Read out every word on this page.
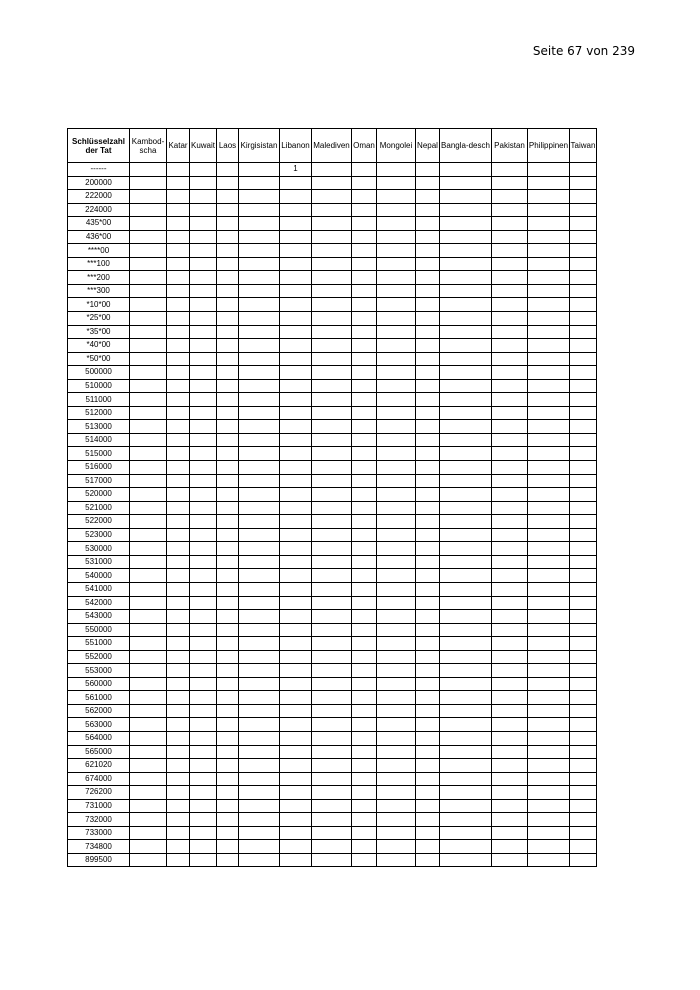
Seite 67 von 239
Schlüsselzahl der Tat	Kambod-scha	Katar	Kuwait	Laos	Kirgisistan	Libanon	Malediven	Oman	Mongolei	Nepal	Bangla-desch	Pakistan	Philippinen	Taiwan
------						1								
200000														
222000														
224000														
435*00														
436*00														
****00														
***100														
***200														
***300														
*10*00														
*25*00														
*35*00														
*40*00														
*50*00														
500000														
510000														
511000														
512000														
513000														
514000														
515000														
516000														
517000														
520000														
521000														
522000														
523000														
530000														
531000														
540000														
541000														
542000														
543000														
550000														
551000														
552000														
553000														
560000														
561000														
562000														
563000														
564000														
565000														
621020														
674000														
726200														
731000														
732000														
733000														
734800														
899500														
